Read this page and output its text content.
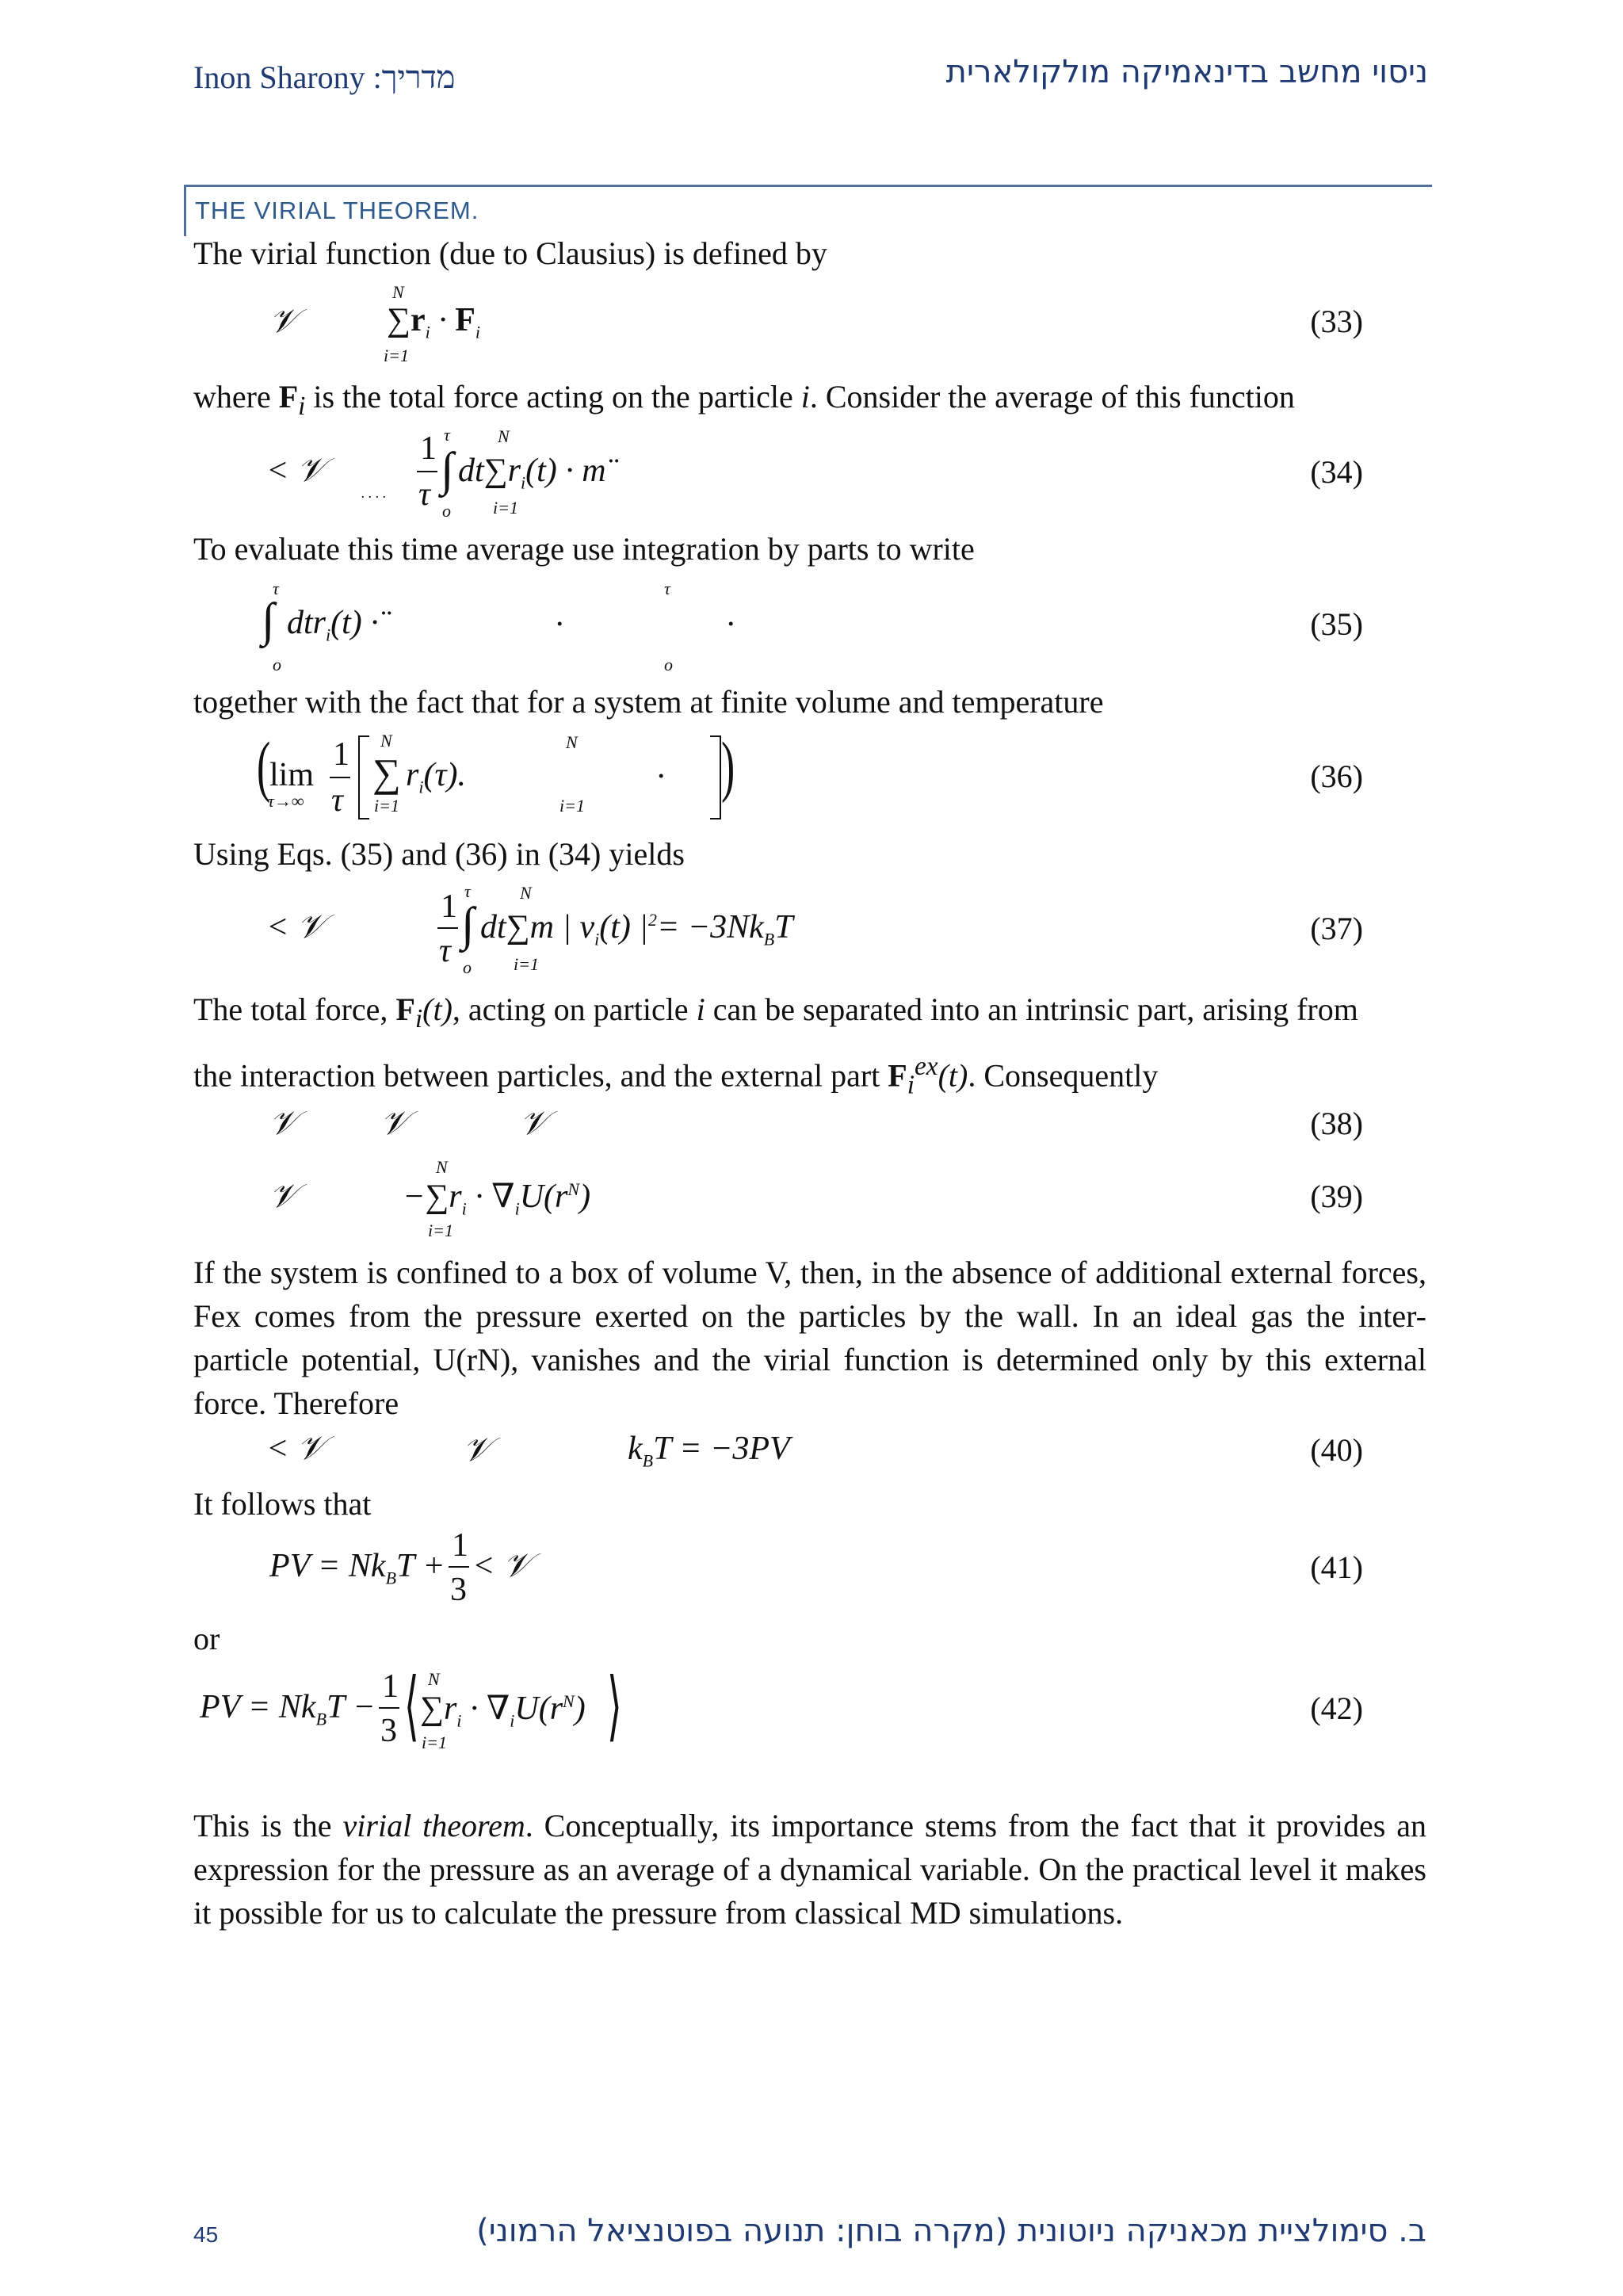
Inon Sharony :מדריך	ניסוי מחשב בדינאמיקה מולקולארית
THE VIRIAL THEOREM.
The virial function (due to Clausius) is defined by
𝒱
N
$\sum r_i \cdot F_i$
i=1
(33)
where $F_i$ is the total force acting on the particle i. Consider the average of this function
< 𝒱
. . . .
1
τ
τ
∫
o
N
$dt\sum r_i(t)$ · m¨
i=1
(34)
To evaluate this time average use integration by parts to write
τ
∫
o
dtr$_i$(t) ·¨	.
τ
o
.	(35)
together with the fact that for a system at finite volume and temperature
(
lim
τ→∞
1
τ
N
∑
i=1
$r_i(\tau)$.
N
i=1
. )	(36)
Using Eqs. (35) and (36) in (34) yields
< 𝒱
1
τ
τ
∫
o
N
dt∑m | $v_i(t)$ $|^2= -3Nk_BT$
i=1
(37)
The total force, $F_i(t)$, acting on particle i can be separated into an intrinsic part, arising from
the interaction between particles, and the external part $F_i^{ex}(t)$. Consequently
𝒱	𝒱	𝒱	(38)
𝒱
N
$-\sum r_i \cdot \nabla_iU(r^N)$
i=1
(39)
If the system is confined to a box of volume V, then, in the absence of additional external forces, Fex comes from the pressure exerted on the particles by the wall. In an ideal gas the inter-particle potential, U(rN), vanishes and the virial function is determined only by this external force. Therefore
< 𝒱	𝒱	$k_BT = -3PV$	(40)
It follows that
PV = $Nk_BT$ +
1
3
< 𝒱	(41)
or
PV = $Nk_BT$ −
1
3 ⟨ N
$\sum r_i \cdot \nabla_iU(r^N)$
i=1 ⟩	(42)
This is the virial theorem. Conceptually, its importance stems from the fact that it provides an expression for the pressure as an average of a dynamical variable. On the practical level it makes it possible for us to calculate the pressure from classical MD simulations.
45	ב. סימולציית מכאניקה ניוטונית (מקרה בוחן: תנועה בפוטנציאל הרמוני)
